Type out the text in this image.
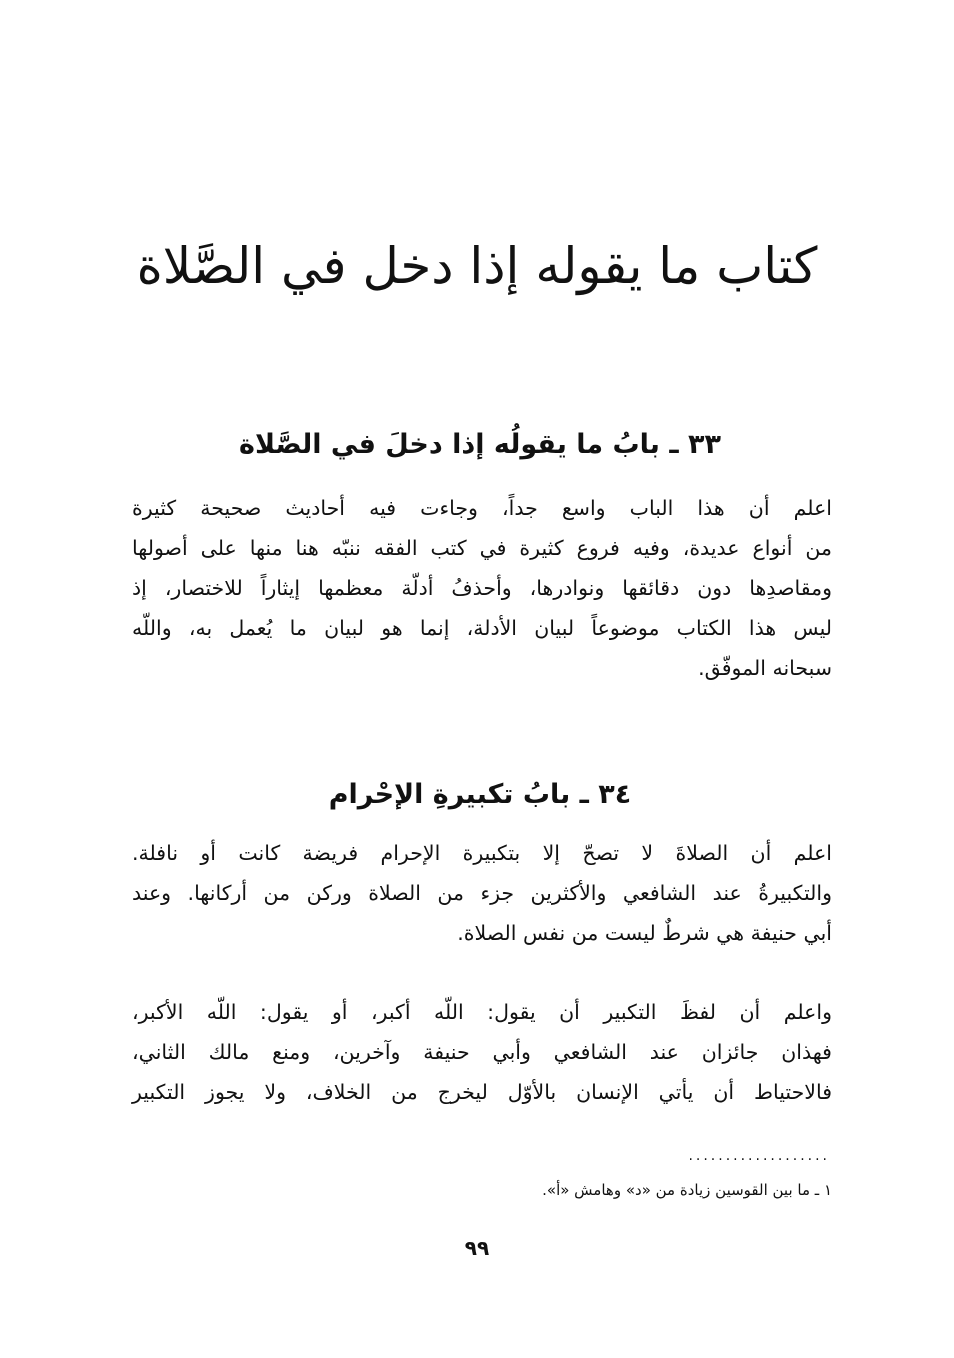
كتاب ما يقوله إذا دخل في الصَّلاة
٣٣ ـ بابُ ما يقولُه إذا دخلَ في الصَّلاة

اعلم أن هذا الباب واسع جداً، وجاءت فيه أحاديث صحيحة كثيرة
من أنواع عديدة، وفيه فروع كثيرة في كتب الفقه ننبّه هنا منها على أصولها
ومقاصدِها دون دقائقها ونوادرها، وأحذفُ أدلّة معظمها إيثاراً للاختصار، إذ
ليس هذا الكتاب موضوعاً لبيان الأدلة، إنما هو لبيان ما يُعمل به، واللّه
سبحانه الموفّق.

٣٤ ـ بابُ تكبيرةِ الإحْرام

اعلم أن الصلاةَ لا تصحّ إلا بتكبيرة الإحرام فريضة كانت أو نافلة.
والتكبيرةُ عند الشافعي والأكثرين جزء من الصلاة وركن من أركانها. وعند
أبي حنيفة هي شرطٌ ليست من نفس الصلاة.

واعلم أن لفظَ التكبير أن يقول: اللّه أكبر، أو يقول: اللّه الأكبر،
فهذان جائزان عند الشافعي وأبي حنيفة وآخرين، ومنع مالك الثاني،
فالاحتياط أن يأتي الإنسان بالأوّل ليخرج من الخلاف، ولا يجوز التكبير

...................
١ ـ ما بين القوسين زيادة من «د» وهامش «أ».
٩٩
